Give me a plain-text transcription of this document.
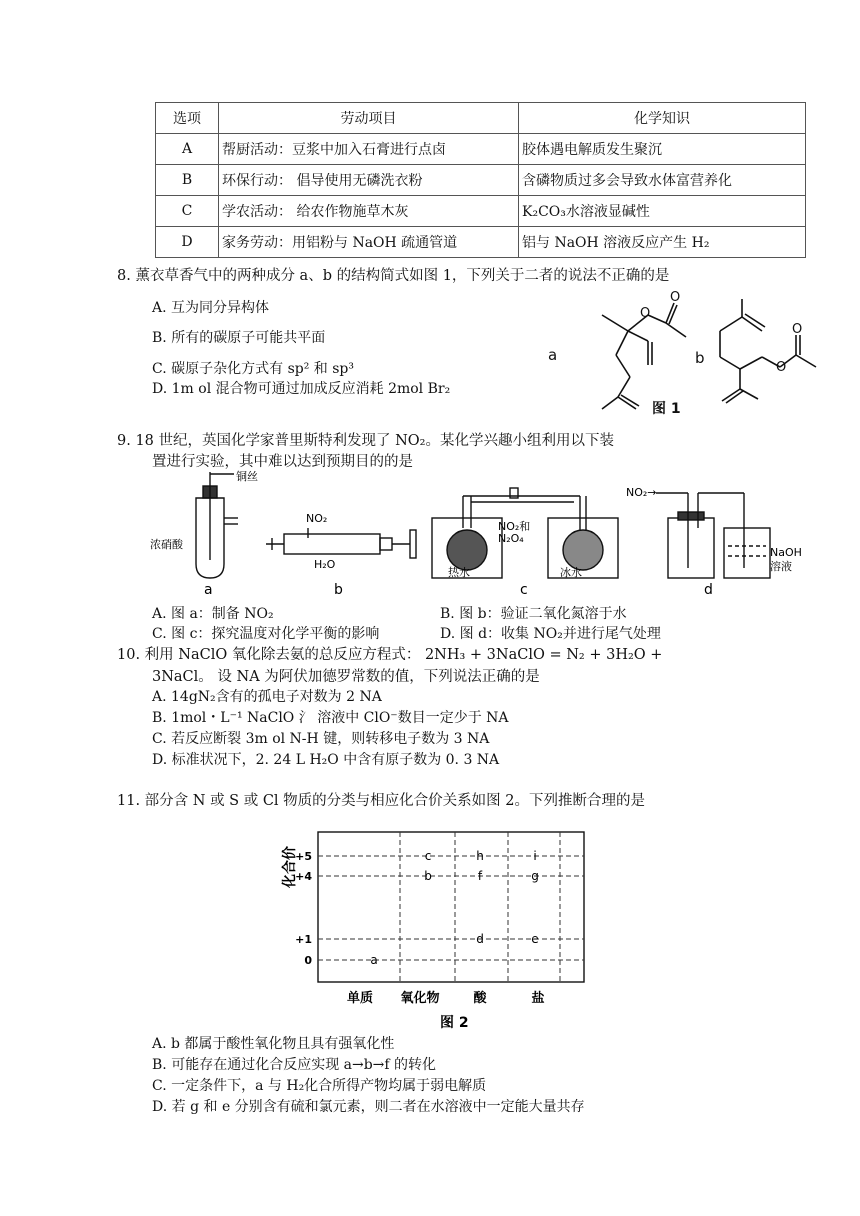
选项	劳动项目	化学知识
A	帮厨活动：豆浆中加入石膏进行点卤	胶体遇电解质发生聚沉
B	环保行动： 倡导使用无磷洗衣粉	含磷物质过多会导致水体富营养化
C	学农活动： 给农作物施草木灰	K₂CO₃水溶液显碱性
D	家务劳动：用铝粉与 NaOH 疏通管道	铝与 NaOH 溶液反应产生 H₂
8. 薰衣草香气中的两种成分 a、b 的结构简式如图 1，下列关于二者的说法不正确的是
A. 互为同分异构体
B. 所有的碳原子可能共平面
C. 碳原子杂化方式有 sp² 和 sp³
D. 1m ol 混合物可通过加成反应消耗 2mol Br₂
O
O
O
O
a	b
图 1
9. 18 世纪，英国化学家普里斯特利发现了 NO₂。某化学兴趣小组利用以下装
置进行实验，其中难以达到预期目的的是
铜丝
浓硝酸
a
NO₂
H₂O
b
NO₂和
N₂O₄
热水	冰水
c
NO₂→
NaOH
溶液
d
A. 图 a：制备 NO₂	B. 图 b：验证二氧化氮溶于水
C. 图 c：探究温度对化学平衡的影响	D. 图 d：收集 NO₂并进行尾气处理
10. 利用 NaClO 氧化除去氨的总反应方程式： 2NH₃ + 3NaClO = N₂ + 3H₂O +
3NaCl。 设 NA 为阿伏加德罗常数的值，下列说法正确的是
A. 14gN₂含有的孤电子对数为 2 NA
B. 1mol・L⁻¹ NaClO 氵 溶液中 ClO⁻数目一定少于 NA
C. 若反应断裂 3m ol N-H 键，则转移电子数为 3 NA
D. 标准状况下，2. 24 L H₂O 中含有原子数为 0. 3 NA
11. 部分含 N 或 S 或 Cl 物质的分类与相应化合价关系如图 2。下列推断合理的是
化合价
+5
+4
+1
0
单质 氧化物	酸	盐
c	h	i
b	f	g
d	e
a
图 2
A. b 都属于酸性氧化物且具有强氧化性
B. 可能存在通过化合反应实现 a→b→f 的转化
C. 一定条件下，a 与 H₂化合所得产物均属于弱电解质
D. 若 g 和 e 分别含有硫和氯元素，则二者在水溶液中一定能大量共存
